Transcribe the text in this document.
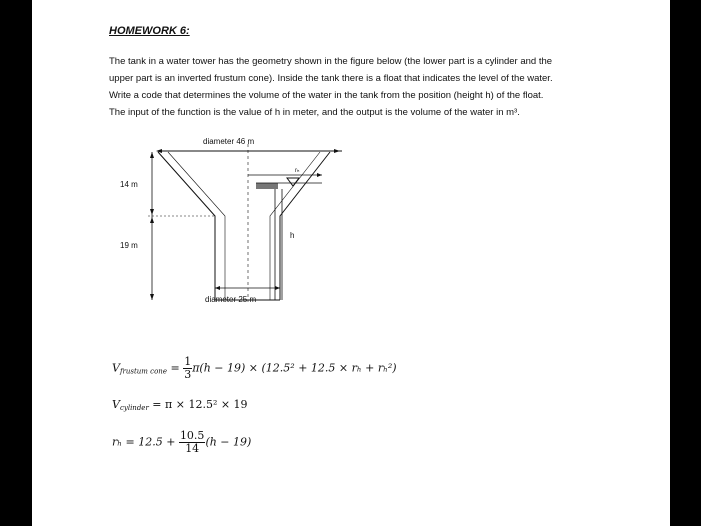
HOMEWORK 6:
The tank in a water tower has the geometry shown in the figure below (the lower part is a cylinder and the
upper part is an inverted frustum cone). Inside the tank there is a float that indicates the level of the water.
Write a code that determines the volume of the water in the tank from the position (height h) of the float.
The input of the function is the value of h in meter, and the output is the volume of the water in m³.
diameter 46 m
14 m
19 m
diameter 25 m
rₕ
h
$V_{frustum cone} = \frac{1}{3} \pi(h - 19) \times (12.5^2 + 12.5 \times r_h + r_h^2)$
$V_{cylinder} = \pi \times 12.5^2 \times 19$
$r_h = 12.5 + \frac{10.5}{14} (h - 19)$
